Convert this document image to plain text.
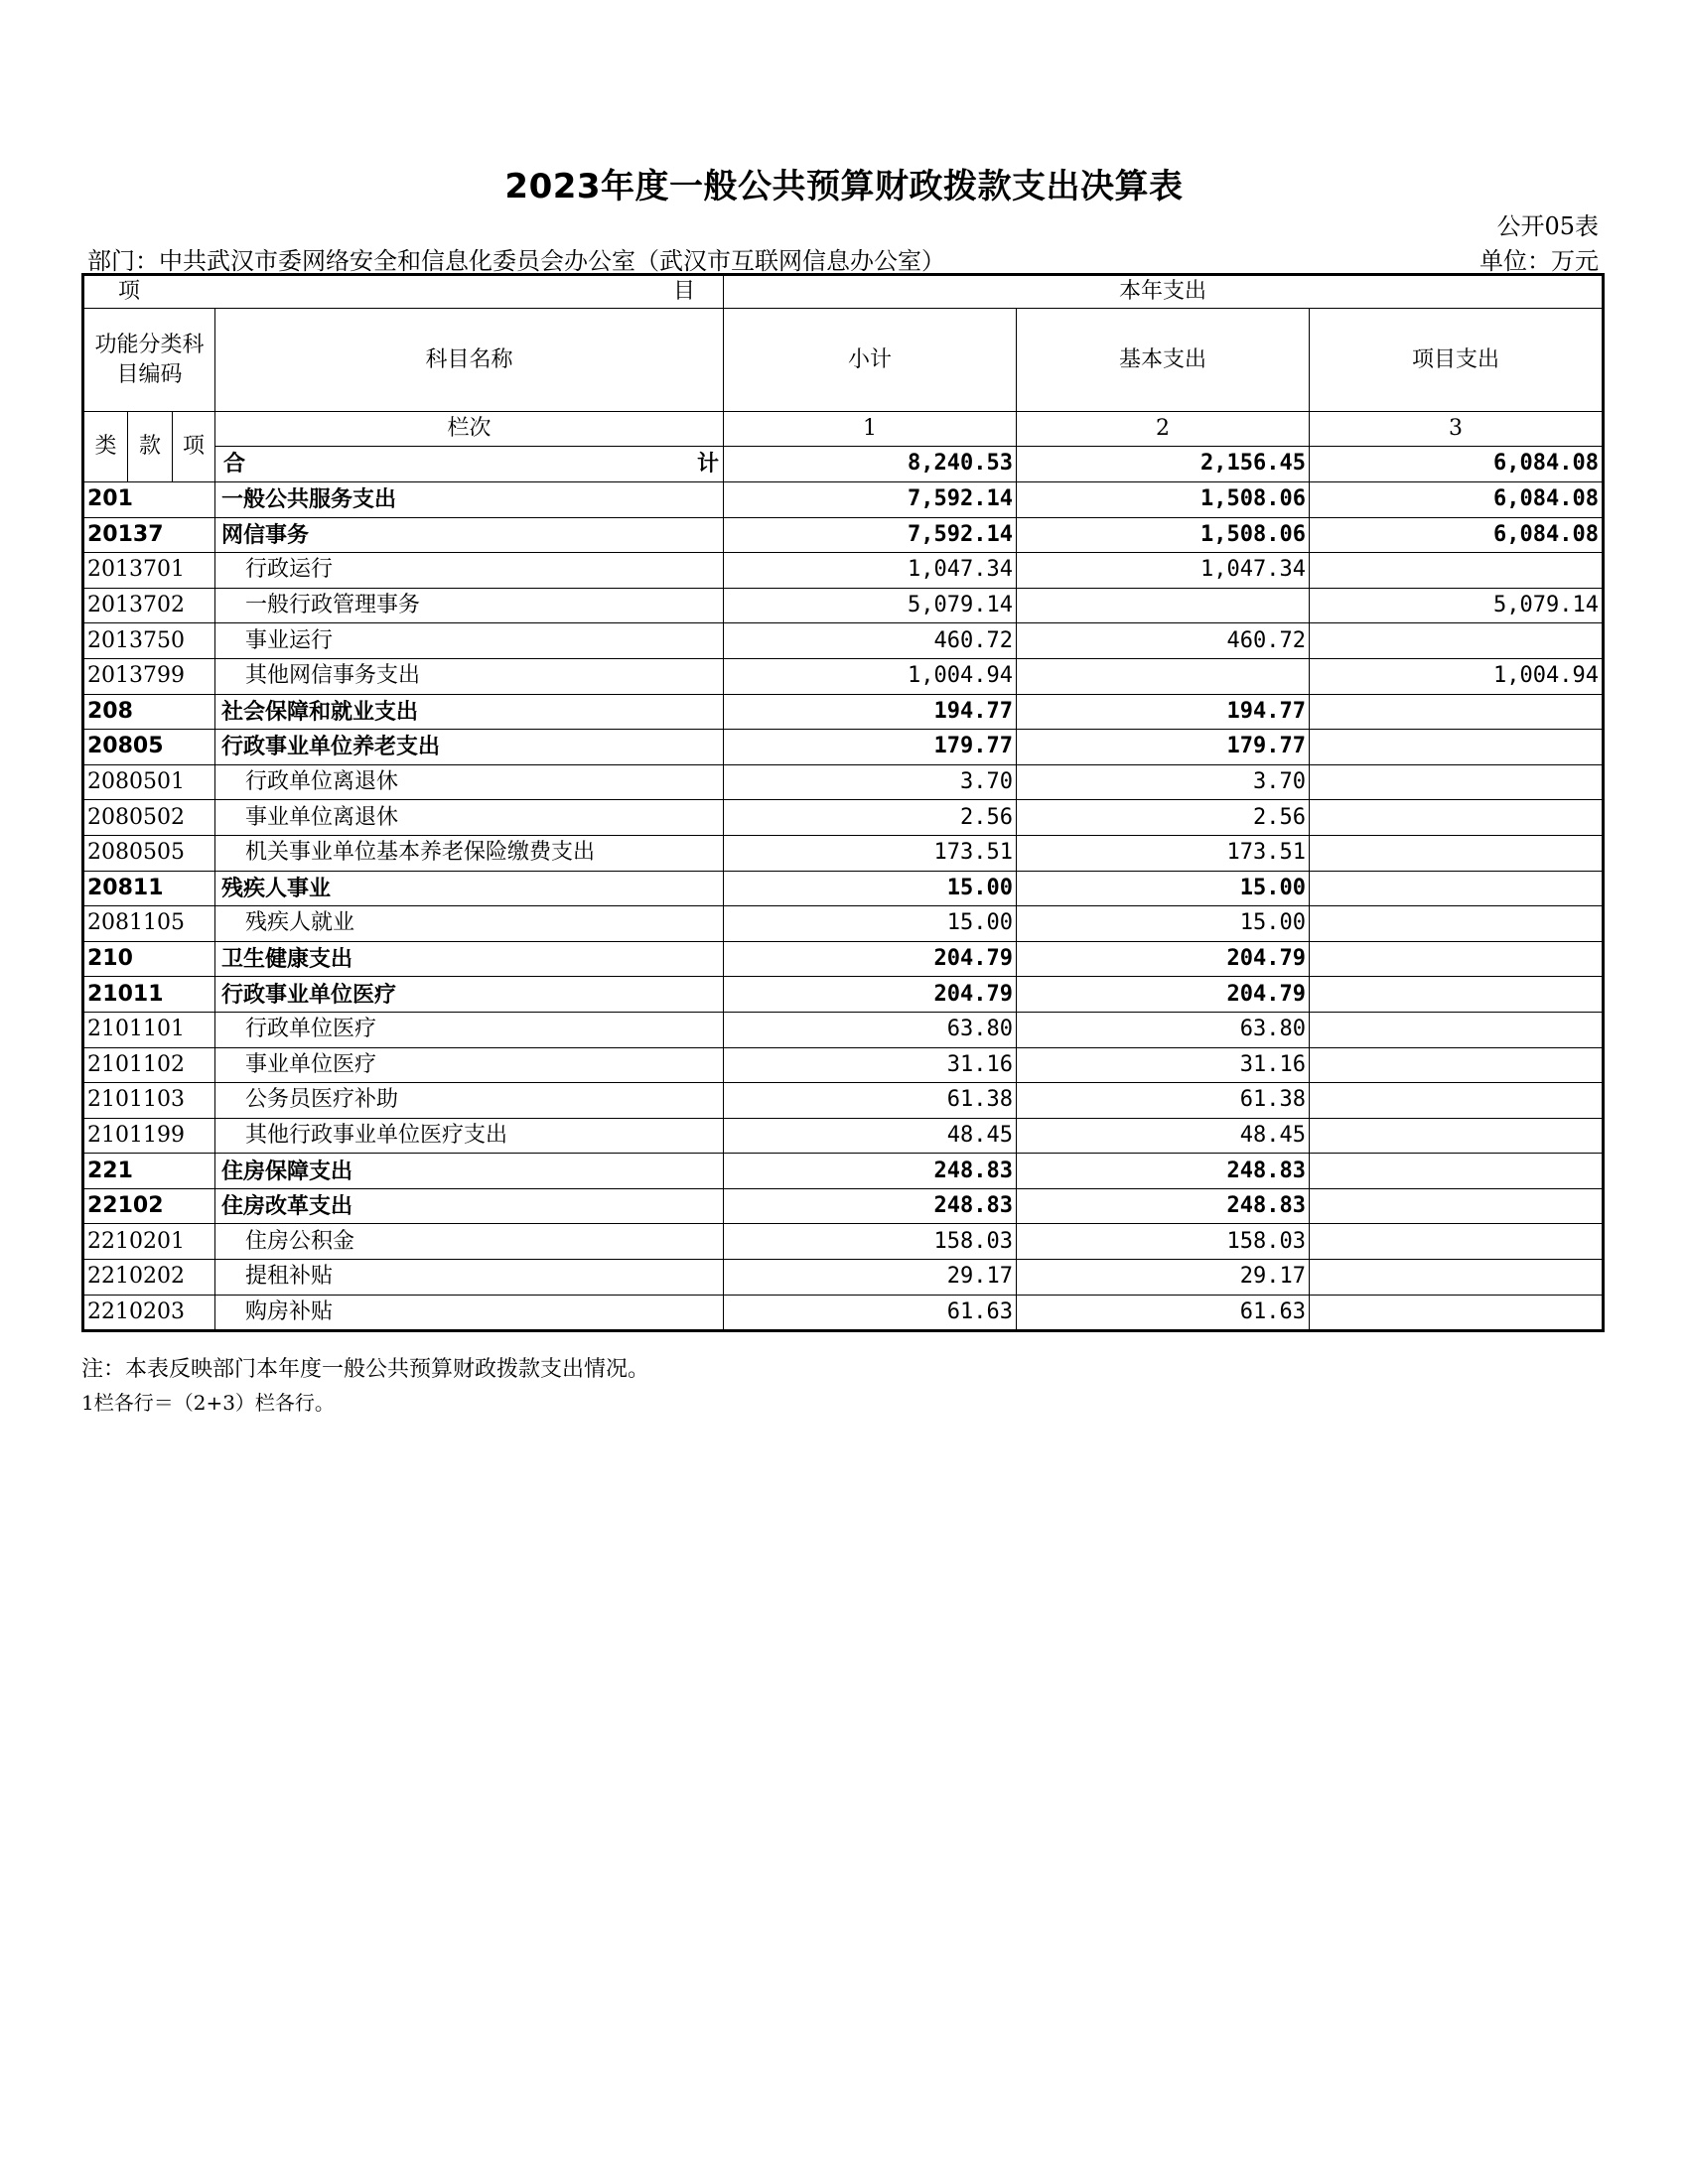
2023年度一般公共预算财政拨款支出决算表
公开05表
部门：中共武汉市委网络安全和信息化委员会办公室（武汉市互联网信息办公室）	单位：万元
项 目				本年支出		
功能分类科目编码			科目名称	小计	基本支出	项目支出
类	款	项	栏次	1	2	3

			合 计	8,240.53	2,156.45	6,084.08
201			一般公共服务支出	7,592.14	1,508.06	6,084.08
20137			网信事务	7,592.14	1,508.06	6,084.08
2013701			行政运行	1,047.34	1,047.34	
2013702			一般行政管理事务	5,079.14		5,079.14
2013750			事业运行	460.72	460.72	
2013799			其他网信事务支出	1,004.94		1,004.94
208			社会保障和就业支出	194.77	194.77	
20805			行政事业单位养老支出	179.77	179.77	
2080501			行政单位离退休	3.70	3.70	
2080502			事业单位离退休	2.56	2.56	
2080505			机关事业单位基本养老保险缴费支出	173.51	173.51	
20811			残疾人事业	15.00	15.00	
2081105			残疾人就业	15.00	15.00	
210			卫生健康支出	204.79	204.79	
21011			行政事业单位医疗	204.79	204.79	
2101101			行政单位医疗	63.80	63.80	
2101102			事业单位医疗	31.16	31.16	
2101103			公务员医疗补助	61.38	61.38	
2101199			其他行政事业单位医疗支出	48.45	48.45	
221			住房保障支出	248.83	248.83	
22102			住房改革支出	248.83	248.83	
2210201			住房公积金	158.03	158.03	
2210202			提租补贴	29.17	29.17	
2210203			购房补贴	61.63	61.63	
注：本表反映部门本年度一般公共预算财政拨款支出情况。
1栏各行＝（2+3）栏各行。
